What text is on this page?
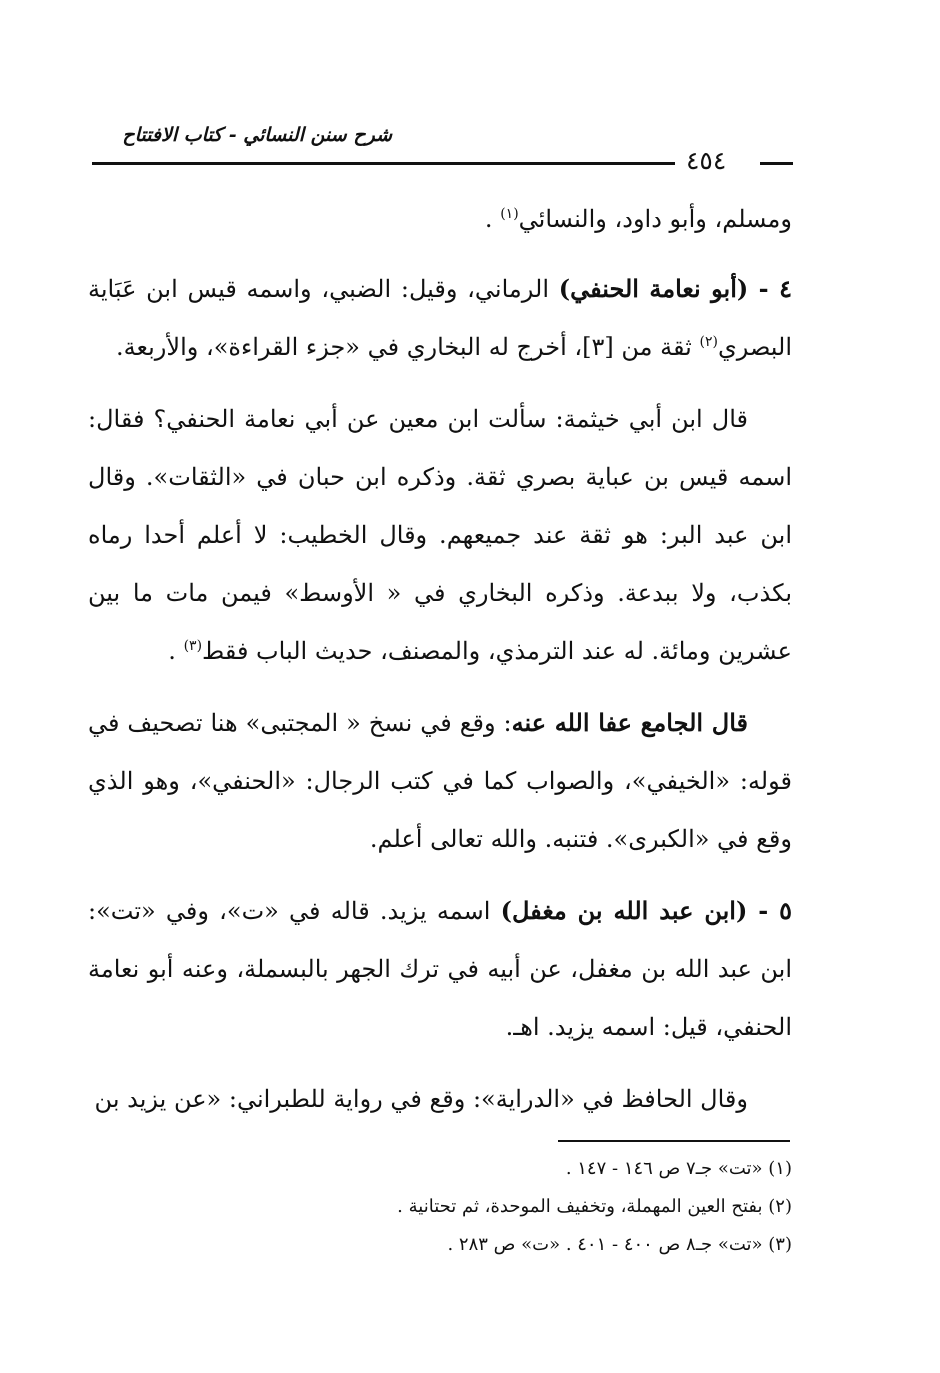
شرح سنن النسائي - كتاب الافتتاح
٤٥٤

ومسلم، وأبو داود، والنسائي$^{(١)}$ .

٤ - (أبو نعامة الحنفي) الرماني، وقيل: الضبي، واسمه قيس ابن عَبَاية البصري$^{(٢)}$ ثقة من [٣]، أخرج له البخاري في «جزء القراءة»، والأربعة.

قال ابن أبي خيثمة: سألت ابن معين عن أبي نعامة الحنفي؟ فقال: اسمه قيس بن عباية بصري ثقة. وذكره ابن حبان في «الثقات». وقال ابن عبد البر: هو ثقة عند جميعهم. وقال الخطيب: لا أعلم أحدا رماه بكذب، ولا ببدعة. وذكره البخاري في « الأوسط» فيمن مات ما بين عشرين ومائة. له عند الترمذي، والمصنف، حديث الباب فقط$^{(٣)}$ .

قال الجامع عفا الله عنه: وقع في نسخ « المجتبى» هنا تصحيف في قوله: «الخيفي»، والصواب كما في كتب الرجال: «الحنفي»، وهو الذي وقع في «الكبرى». فتنبه. والله تعالى أعلم.

٥ - (ابن عبد الله بن مغفل) اسمه يزيد. قاله في «ت»، وفي «تت»: ابن عبد الله بن مغفل، عن أبيه في ترك الجهر بالبسملة، وعنه أبو نعامة الحنفي، قيل: اسمه يزيد. اهـ.

وقال الحافظ في «الدراية»: وقع في رواية للطبراني: «عن يزيد بن

(١) «تت» جـ٧ ص ١٤٦ - ١٤٧ .
(٢) بفتح العين المهملة، وتخفيف الموحدة، ثم تحتانية .
(٣) «تت» جـ٨ ص ٤٠٠ - ٤٠١ . «ت» ص ٢٨٣ .
